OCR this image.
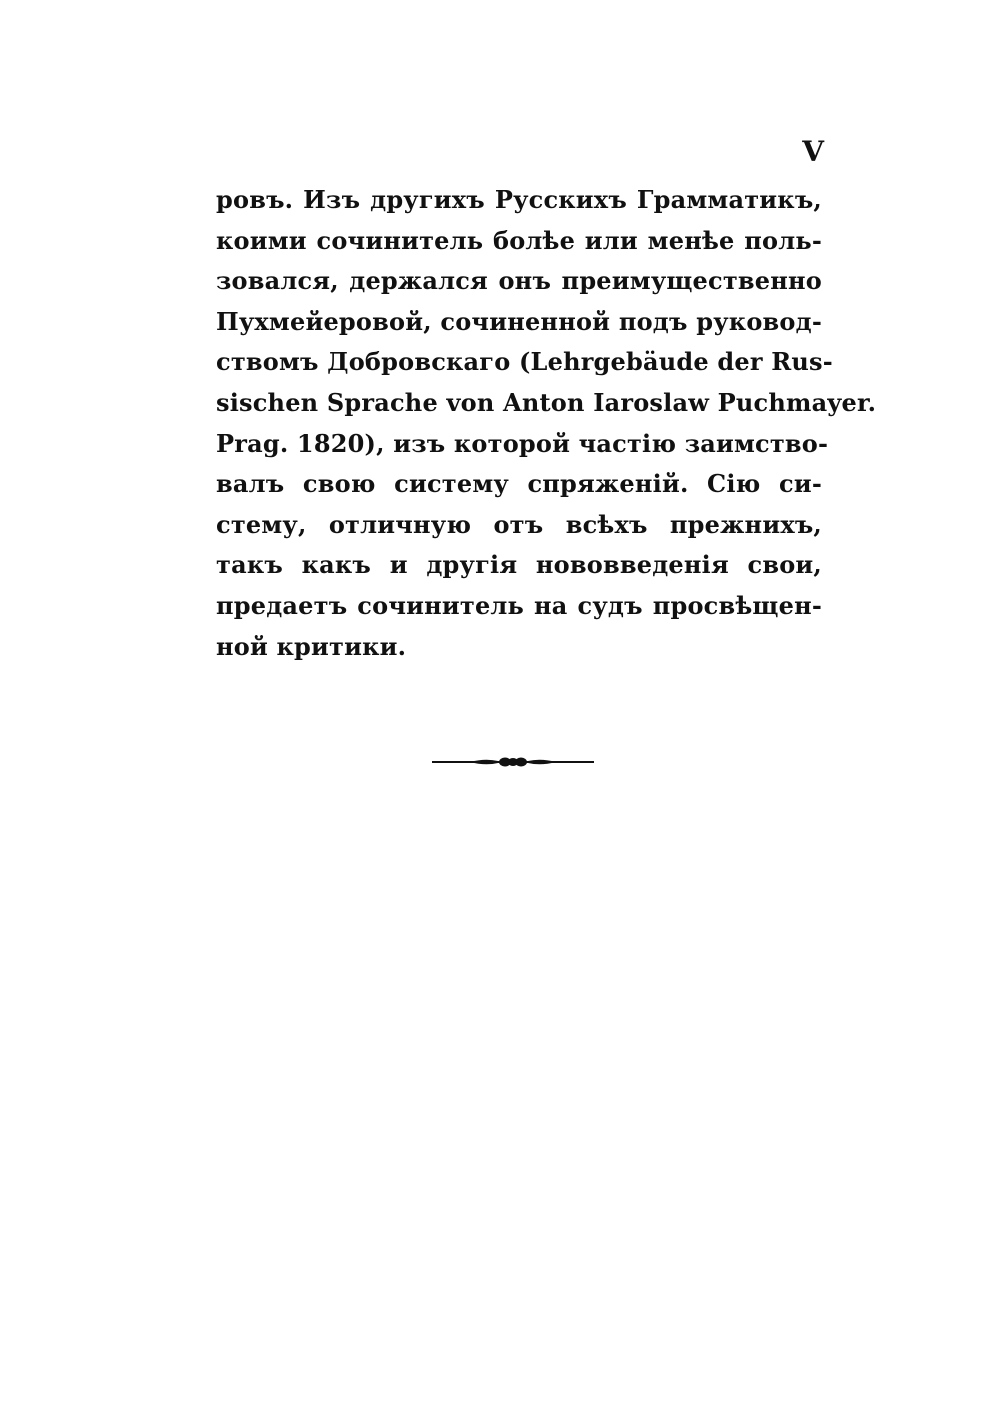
V
ровъ. Изъ другихъ Русскихъ Грамматикъ,
коими сочинитель болѣе или менѣе поль-
зовался, держался онъ преимущественно
Пухмейеровой, сочиненной подъ руковод-
ствомъ Добровскаго (Lehrgebäude der Rus-
sischen Sprache von Anton Iaroslaw Puchmayer.
Prag. 1820), изъ которой частію заимство-
валъ свою систему спряженій. Сію си-
стему, отличную отъ всѣхъ прежнихъ,
такъ какъ и другія нововведенія свои,
предаетъ сочинитель на судъ просвѣщен-
ной критики.
